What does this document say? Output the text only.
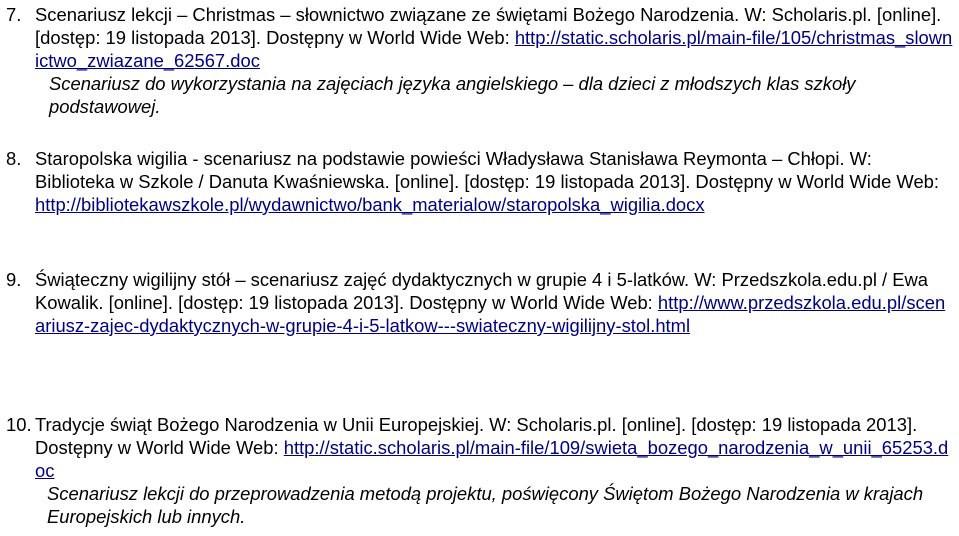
7. Scenariusz lekcji – Christmas – słownictwo związane ze świętami Bożego Narodzenia. W: Scholaris.pl. [online]. [dostęp: 19 listopada 2013]. Dostępny w World Wide Web: http://static.scholaris.pl/main-file/105/christmas_slownictwo_zwiazane_62567.doc
Scenariusz do wykorzystania na zajęciach języka angielskiego – dla dzieci z młodszych klas szkoły podstawowej.
8. Staropolska wigilia - scenariusz na podstawie powieści Władysława Stanisława Reymonta – Chłopi. W: Biblioteka w Szkole / Danuta Kwaśniewska. [online]. [dostęp: 19 listopada 2013]. Dostępny w World Wide Web: http://bibliotekawszkole.pl/wydawnictwo/bank_materialow/staropolska_wigilia.docx
9. Świąteczny wigilijny stół – scenariusz zajęć dydaktycznych w grupie 4 i 5-latków. W: Przedszkola.edu.pl / Ewa Kowalik. [online]. [dostęp: 19 listopada 2013]. Dostępny w World Wide Web: http://www.przedszkola.edu.pl/scenariusz-zajec-dydaktycznych-w-grupie-4-i-5-latkow---swiateczny-wigilijny-stol.html
10. Tradycje świąt Bożego Narodzenia w Unii Europejskiej. W: Scholaris.pl. [online]. [dostęp: 19 listopada 2013]. Dostępny w World Wide Web: http://static.scholaris.pl/main-file/109/swieta_bozego_narodzenia_w_unii_65253.doc
Scenariusz lekcji do przeprowadzenia metodą projektu, poświęcony Świętom Bożego Narodzenia w krajach Europejskich lub innych.
